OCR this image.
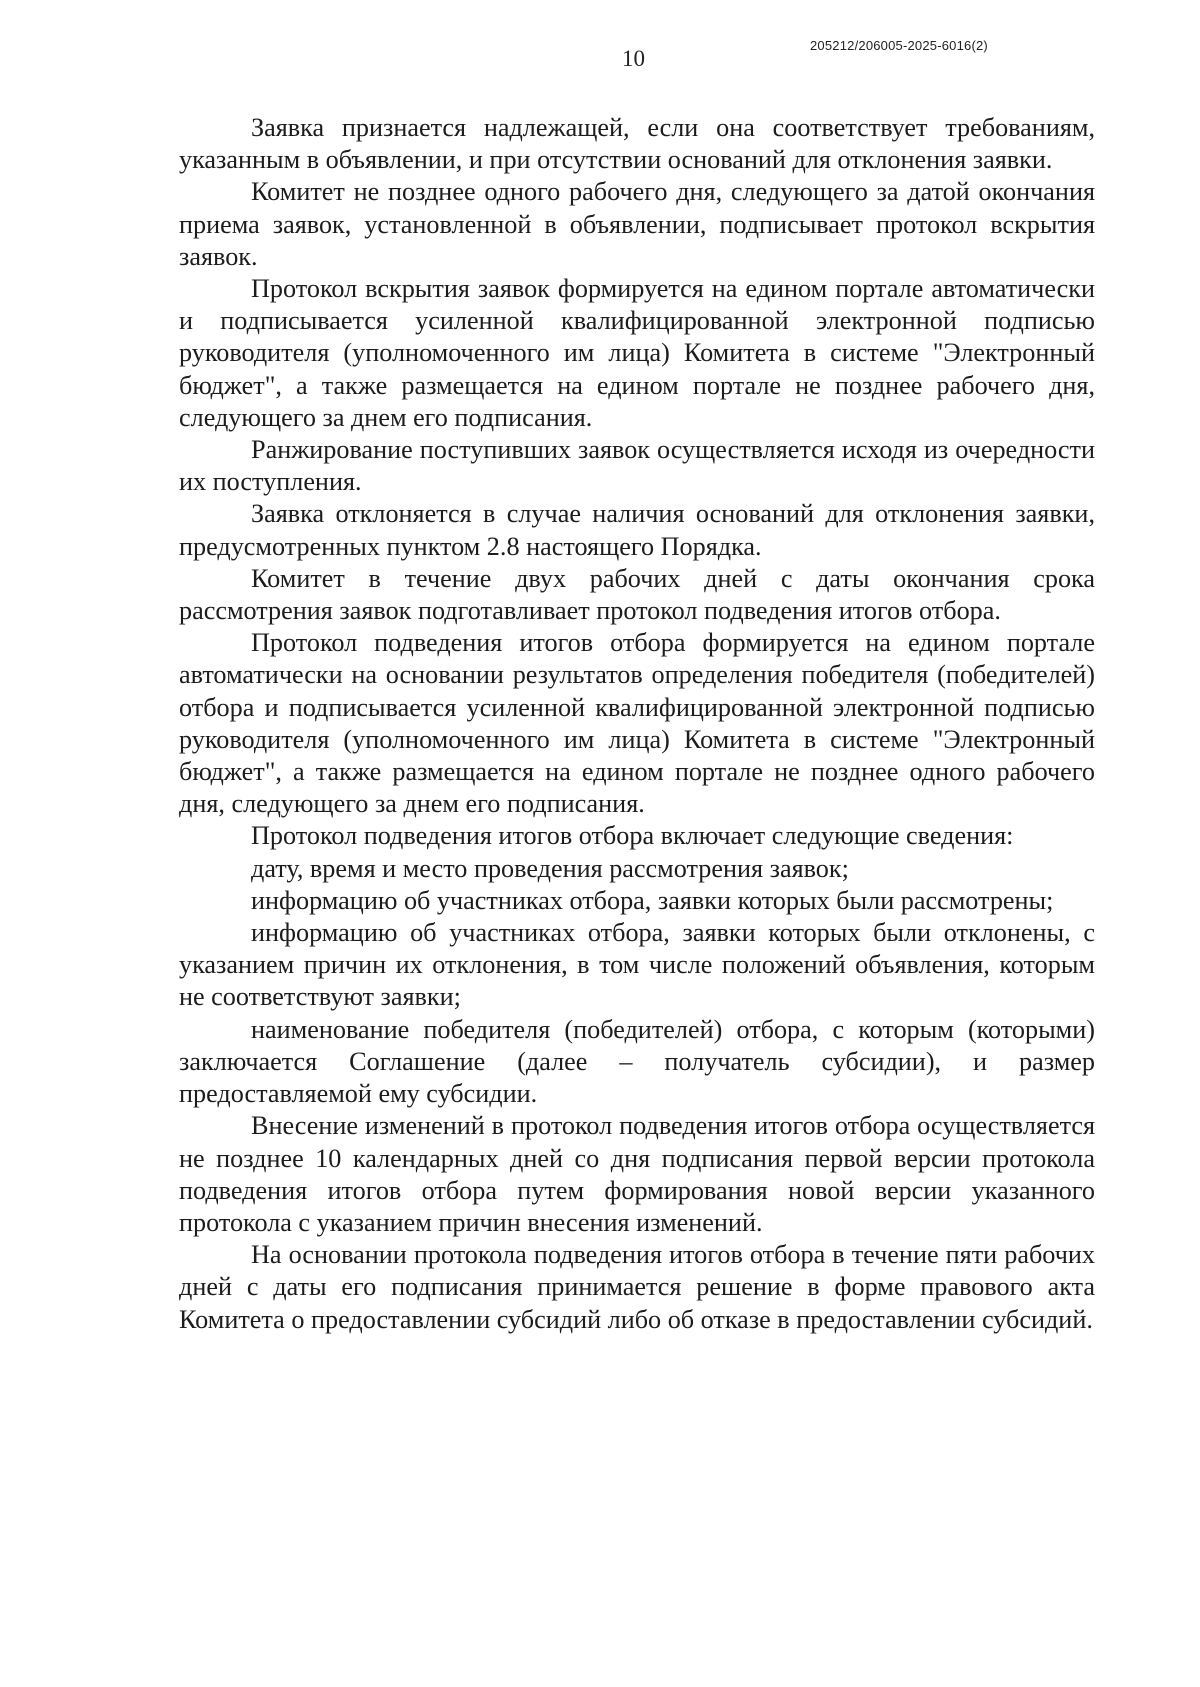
205212/206005-2025-6016(2)
10

Заявка признается надлежащей, если она соответствует требованиям, указанным в объявлении, и при отсутствии оснований для отклонения заявки.

Комитет не позднее одного рабочего дня, следующего за датой окончания приема заявок, установленной в объявлении, подписывает протокол вскрытия заявок.

Протокол вскрытия заявок формируется на едином портале автоматически и подписывается усиленной квалифицированной электронной подписью руководителя (уполномоченного им лица) Комитета в системе "Электронный бюджет", а также размещается на едином портале не позднее рабочего дня, следующего за днем его подписания.

Ранжирование поступивших заявок осуществляется исходя из очередности их поступления.

Заявка отклоняется в случае наличия оснований для отклонения заявки, предусмотренных пунктом 2.8 настоящего Порядка.

Комитет в течение двух рабочих дней с даты окончания срока рассмотрения заявок подготавливает протокол подведения итогов отбора.

Протокол подведения итогов отбора формируется на едином портале автоматически на основании результатов определения победителя (победителей) отбора и подписывается усиленной квалифицированной электронной подписью руководителя (уполномоченного им лица) Комитета в системе "Электронный бюджет", а также размещается на едином портале не позднее одного рабочего дня, следующего за днем его подписания.

Протокол подведения итогов отбора включает следующие сведения:

дату, время и место проведения рассмотрения заявок;

информацию об участниках отбора, заявки которых были рассмотрены;

информацию об участниках отбора, заявки которых были отклонены, с указанием причин их отклонения, в том числе положений объявления, которым не соответствуют заявки;

наименование победителя (победителей) отбора, с которым (которыми) заключается Соглашение (далее – получатель субсидии), и размер предоставляемой ему субсидии.

Внесение изменений в протокол подведения итогов отбора осуществляется не позднее 10 календарных дней со дня подписания первой версии протокола подведения итогов отбора путем формирования новой версии указанного протокола с указанием причин внесения изменений.

На основании протокола подведения итогов отбора в течение пяти рабочих дней с даты его подписания принимается решение в форме правового акта Комитета о предоставлении субсидий либо об отказе в предоставлении субсидий.
